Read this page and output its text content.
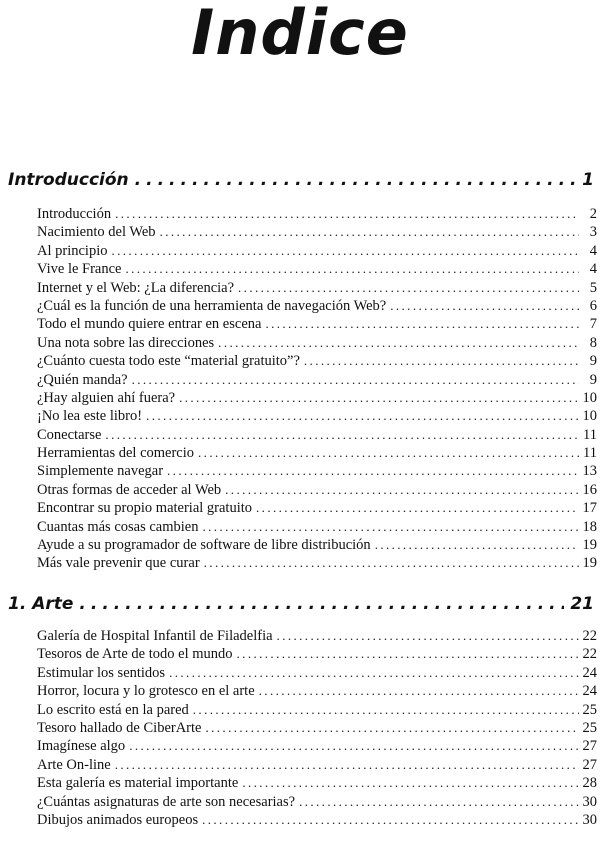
Indice
Introducción .....	1
Introducción .....	2
Nacimiento del Web .....	3
Al principio .....	4
Vive le France .....	4
Internet y el Web: ¿La diferencia? .....	5
¿Cuál es la función de una herramienta de navegación Web? .....	6
Todo el mundo quiere entrar en escena .....	7
Una nota sobre las direcciones .....	8
¿Cuánto cuesta todo este “material gratuito”? .....	9
¿Quién manda? .....	9
¿Hay alguien ahí fuera? .....	10
¡No lea este libro! .....	10
Conectarse .....	11
Herramientas del comercio .....	11
Simplemente navegar .....	13
Otras formas de acceder al Web .....	16
Encontrar su propio material gratuito .....	17
Cuantas más cosas cambien .....	18
Ayude a su programador de software de libre distribución .....	19
Más vale prevenir que curar .....	19
1. Arte .....	21
Galería de Hospital Infantil de Filadelfia .....	22
Tesoros de Arte de todo el mundo .....	22
Estimular los sentidos .....	24
Horror, locura y lo grotesco en el arte .....	24
Lo escrito está en la pared .....	25
Tesoro hallado de CiberArte .....	25
Imagínese algo .....	27
Arte On-line .....	27
Esta galería es material importante .....	28
¿Cuántas asignaturas de arte son necesarias? .....	30
Dibujos animados europeos .....	30
